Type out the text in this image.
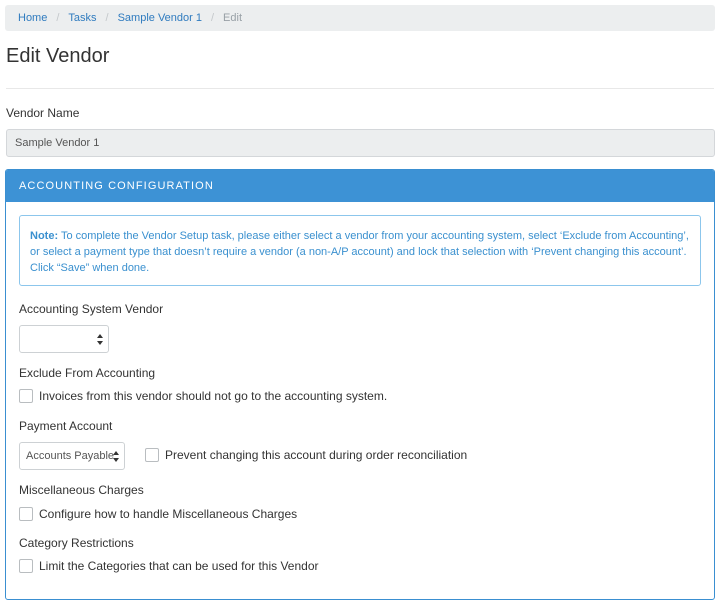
Home / Tasks / Sample Vendor 1 / Edit
Edit Vendor
Vendor Name
Sample Vendor 1
ACCOUNTING CONFIGURATION
Note: To complete the Vendor Setup task, please either select a vendor from your accounting system, select ‘Exclude from Accounting’, or select a payment type that doesn’t require a vendor (a non-A/P account) and lock that selection with ‘Prevent changing this account’. Click “Save” when done.
Accounting System Vendor
Exclude From Accounting
Invoices from this vendor should not go to the accounting system.
Payment Account
Accounts Payable	Prevent changing this account during order reconciliation
Miscellaneous Charges
Configure how to handle Miscellaneous Charges
Category Restrictions
Limit the Categories that can be used for this Vendor
